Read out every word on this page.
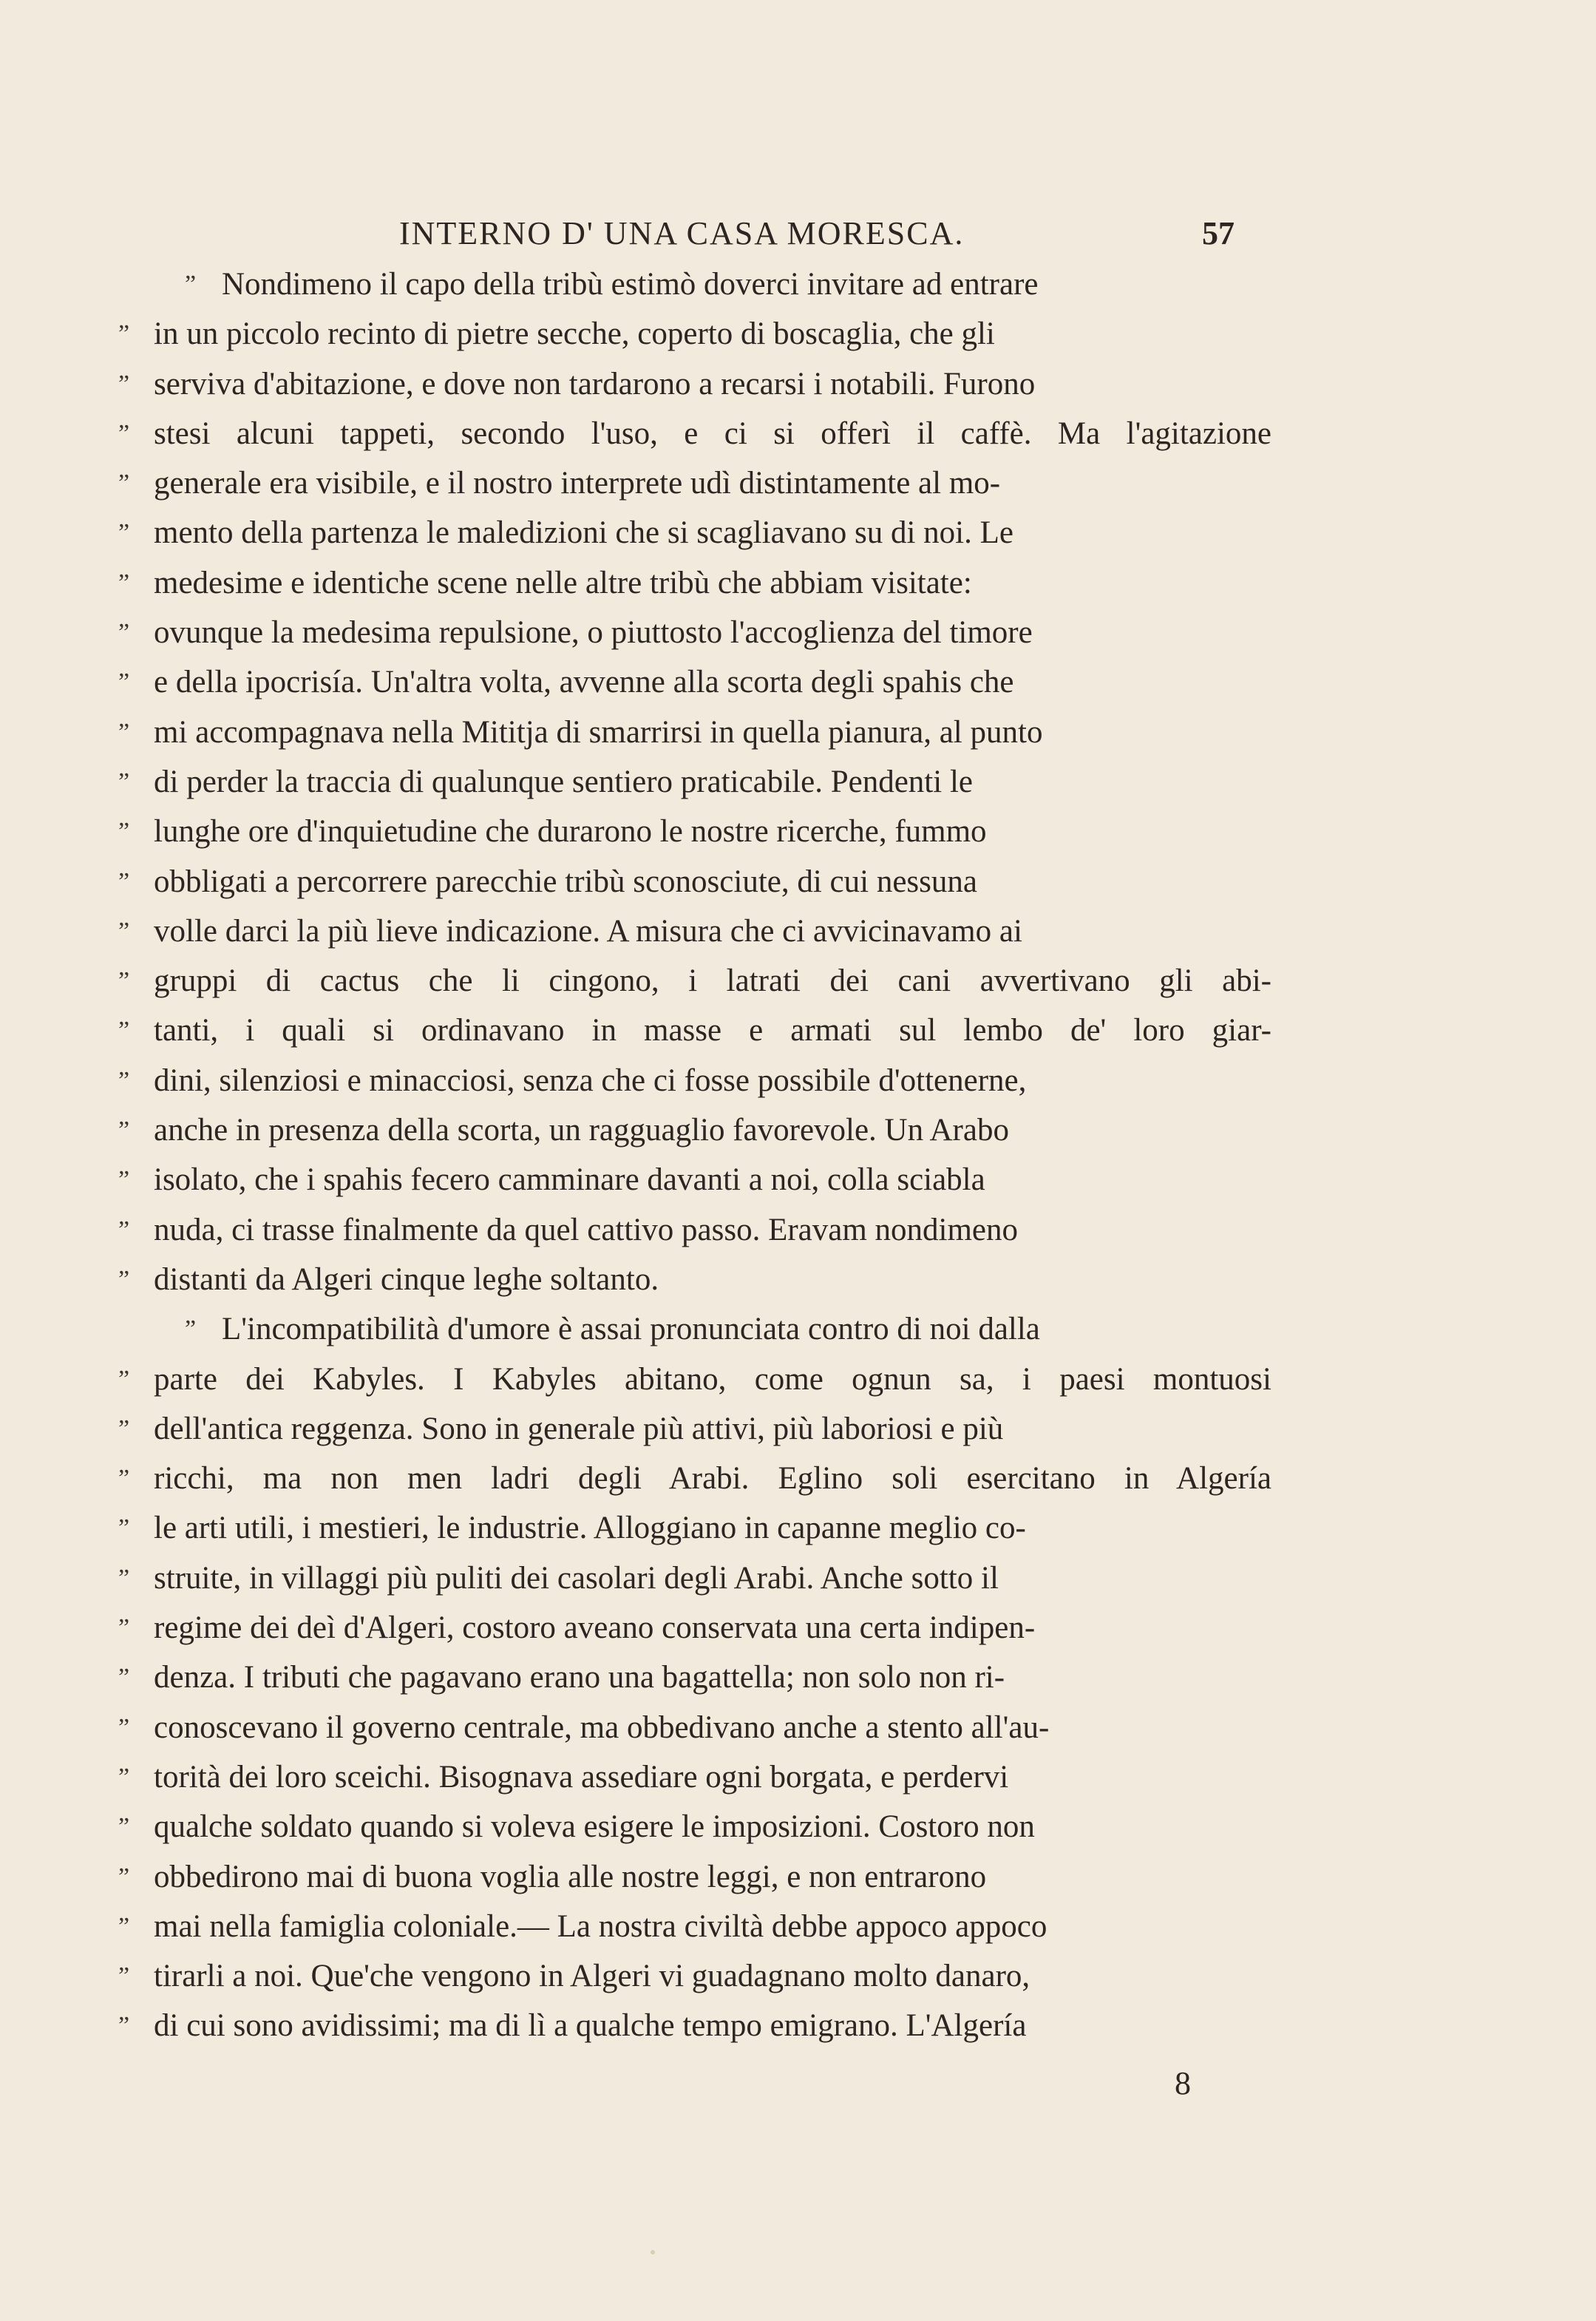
INTERNO D' UNA CASA MORESCA.	57
” Nondimeno il capo della tribù estimò doverci invitare ad entrare
” in un piccolo recinto di pietre secche, coperto di boscaglia, che gli
” serviva d'abitazione, e dove non tardarono a recarsi i notabili. Furono
” stesi alcuni tappeti, secondo l'uso, e ci si offerì il caffè. Ma l'agitazione
” generale era visibile, e il nostro interprete udì distintamente al mo-
” mento della partenza le maledizioni che si scagliavano su di noi. Le
” medesime e identiche scene nelle altre tribù che abbiam visitate:
” ovunque la medesima repulsione, o piuttosto l'accoglienza del timore
” e della ipocrisía. Un'altra volta, avvenne alla scorta degli spahis che
” mi accompagnava nella Mititja di smarrirsi in quella pianura, al punto
” di perder la traccia di qualunque sentiero praticabile. Pendenti le
” lunghe ore d'inquietudine che durarono le nostre ricerche, fummo
” obbligati a percorrere parecchie tribù sconosciute, di cui nessuna
” volle darci la più lieve indicazione. A misura che ci avvicinavamo ai
” gruppi di cactus che li cingono, i latrati dei cani avvertivano gli abi-
” tanti, i quali si ordinavano in masse e armati sul lembo de' loro giar-
” dini, silenziosi e minacciosi, senza che ci fosse possibile d'ottenerne,
” anche in presenza della scorta, un ragguaglio favorevole. Un Arabo
” isolato, che i spahis fecero camminare davanti a noi, colla sciabla
” nuda, ci trasse finalmente da quel cattivo passo. Eravam nondimeno
” distanti da Algeri cinque leghe soltanto.
” L'incompatibilità d'umore è assai pronunciata contro di noi dalla
” parte dei Kabyles. I Kabyles abitano, come ognun sa, i paesi montuosi
” dell'antica reggenza. Sono in generale più attivi, più laboriosi e più
” ricchi, ma non men ladri degli Arabi. Eglino soli esercitano in Algería
” le arti utili, i mestieri, le industrie. Alloggiano in capanne meglio co-
” struite, in villaggi più puliti dei casolari degli Arabi. Anche sotto il
” regime dei deì d'Algeri, costoro aveano conservata una certa indipen-
” denza. I tributi che pagavano erano una bagattella; non solo non ri-
” conoscevano il governo centrale, ma obbedivano anche a stento all'au-
” torità dei loro sceichi. Bisognava assediare ogni borgata, e perdervi
” qualche soldato quando si voleva esigere le imposizioni. Costoro non
” obbedirono mai di buona voglia alle nostre leggi, e non entrarono
” mai nella famiglia coloniale.— La nostra civiltà debbe appoco appoco
” tirarli a noi. Que'che vengono in Algeri vi guadagnano molto danaro,
” di cui sono avidissimi; ma di lì a qualche tempo emigrano. L'Algería
8
